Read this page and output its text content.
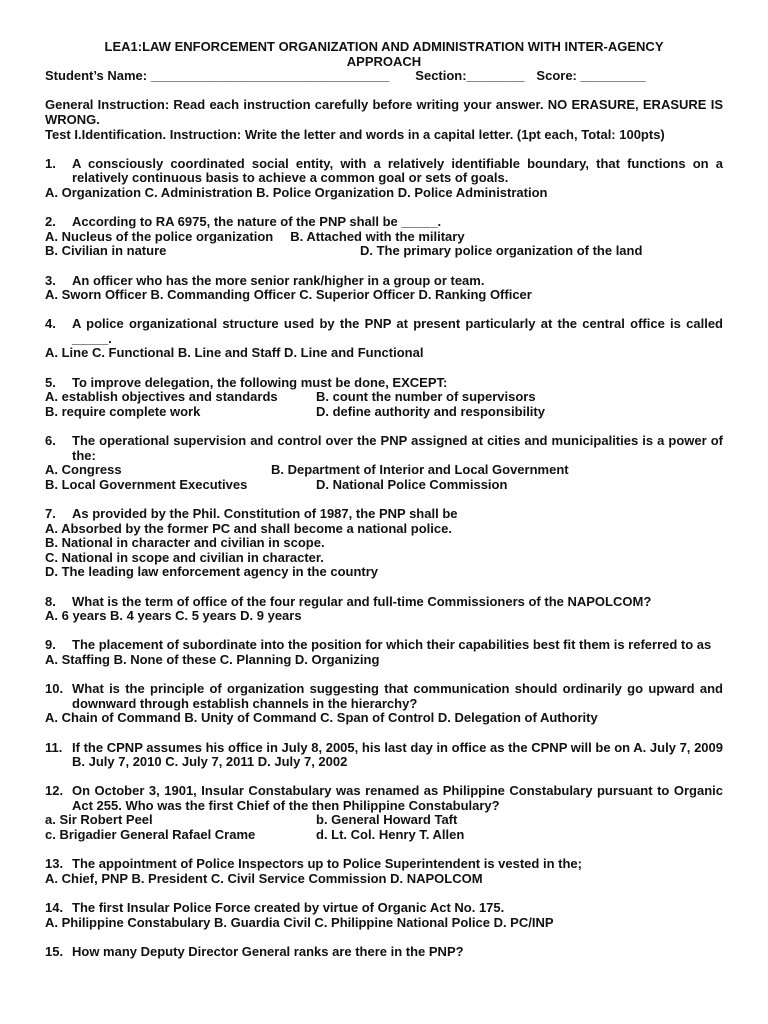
LEA1:LAW ENFORCEMENT ORGANIZATION AND ADMINISTRATION WITH INTER-AGENCY
APPROACH
Student’s Name: _________________________________ Section:________ Score: _________
General Instruction: Read each instruction carefully before writing your answer. NO ERASURE, ERASURE IS WRONG.
Test I.Identification. Instruction: Write the letter and words in a capital letter. (1pt each, Total: 100pts)
1.	A consciously coordinated social entity, with a relatively identifiable boundary, that functions on a relatively continuous basis to achieve a common goal or sets of goals.
A. Organization C. Administration B. Police Organization D. Police Administration
2.	According to RA 6975, the nature of the PNP shall be _____.
A. Nucleus of the police organization B. Attached with the military
B. Civilian in nature	D. The primary police organization of the land
3.	An officer who has the more senior rank/higher in a group or team.
A. Sworn Officer B. Commanding Officer C. Superior Officer D. Ranking Officer
4.	A police organizational structure used by the PNP at present particularly at the central office is called _____.
A. Line C. Functional B. Line and Staff D. Line and Functional
5.	To improve delegation, the following must be done, EXCEPT:
A. establish objectives and standards	B. count the number of supervisors
B. require complete work	D. define authority and responsibility
6.	The operational supervision and control over the PNP assigned at cities and municipalities is a power of the:
A. Congress	B. Department of Interior and Local Government
B. Local Government Executives	D. National Police Commission
7.	As provided by the Phil. Constitution of 1987, the PNP shall be
A. Absorbed by the former PC and shall become a national police.
B. National in character and civilian in scope.
C. National in scope and civilian in character.
D. The leading law enforcement agency in the country
8.	What is the term of office of the four regular and full-time Commissioners of the NAPOLCOM?
A. 6 years B. 4 years C. 5 years D. 9 years
9.	The placement of subordinate into the position for which their capabilities best fit them is referred to as
A. Staffing B. None of these C. Planning D. Organizing
10. What is the principle of organization suggesting that communication should ordinarily go upward and downward through establish channels in the hierarchy?
A. Chain of Command B. Unity of Command C. Span of Control D. Delegation of Authority
11. If the CPNP assumes his office in July 8, 2005, his last day in office as the CPNP will be on A. July 7, 2009 B. July 7, 2010 C. July 7, 2011 D. July 7, 2002
12. On October 3, 1901, Insular Constabulary was renamed as Philippine Constabulary pursuant to Organic Act 255. Who was the first Chief of the then Philippine Constabulary?
a. Sir Robert Peel	b. General Howard Taft
c. Brigadier General Rafael Crame	d. Lt. Col. Henry T. Allen
13. The appointment of Police Inspectors up to Police Superintendent is vested in the;
A. Chief, PNP B. President C. Civil Service Commission D. NAPOLCOM
14. The first Insular Police Force created by virtue of Organic Act No. 175.
A. Philippine Constabulary B. Guardia Civil C. Philippine National Police D. PC/INP
15. How many Deputy Director General ranks are there in the PNP?
